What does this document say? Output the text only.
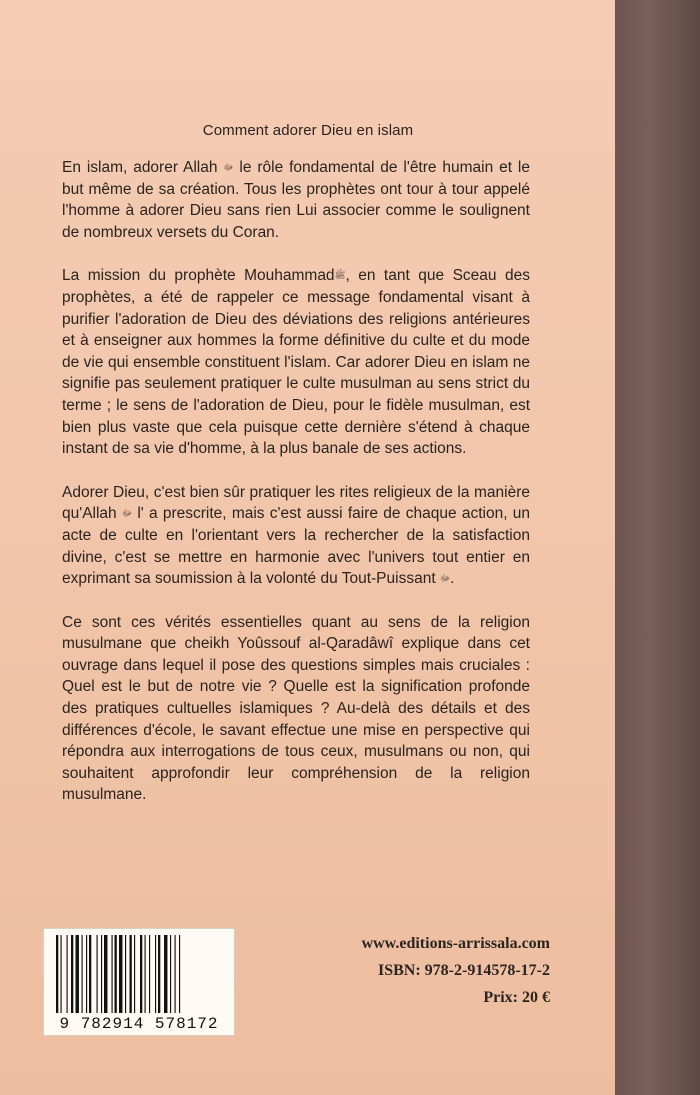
Comment adorer Dieu en islam

En islam, adorer Allah ﷻ le rôle fondamental de l'être humain et le but même de sa création. Tous les prophètes ont tour à tour appelé l'homme à adorer Dieu sans rien Lui associer comme le soulignent de nombreux versets du Coran.

La mission du prophète Mouhammadﷺ, en tant que Sceau des prophètes, a été de rappeler ce message fondamental visant à purifier l'adoration de Dieu des déviations des religions antérieures et à enseigner aux hommes la forme définitive du culte et du mode de vie qui ensemble constituent l'islam. Car adorer Dieu en islam ne signifie pas seulement pratiquer le culte musulman au sens strict du terme ; le sens de l'adoration de Dieu, pour le fidèle musulman, est bien plus vaste que cela puisque cette dernière s'étend à chaque instant de sa vie d'homme, à la plus banale de ses actions.

Adorer Dieu, c'est bien sûr pratiquer les rites religieux de la manière qu'Allah ﷻ l' a prescrite, mais c'est aussi faire de chaque action, un acte de culte en l'orientant vers la rechercher de la satisfaction divine, c'est se mettre en harmonie avec l'univers tout entier en exprimant sa soumission à la volonté du Tout-Puissant ﷻ.

Ce sont ces vérités essentielles quant au sens de la religion musulmane que cheikh Yoûssouf al-Qaradâwî explique dans cet ouvrage dans lequel il pose des questions simples mais cruciales : Quel est le but de notre vie ? Quelle est la signification profonde des pratiques cultuelles islamiques ? Au-delà des détails et des différences d'école, le savant effectue une mise en perspective qui répondra aux interrogations de tous ceux, musulmans ou non, qui souhaitent approfondir leur compréhension de la religion musulmane.

9 782914 578172
www.editions-arrissala.com
ISBN: 978-2-914578-17-2
Prix: 20 €
